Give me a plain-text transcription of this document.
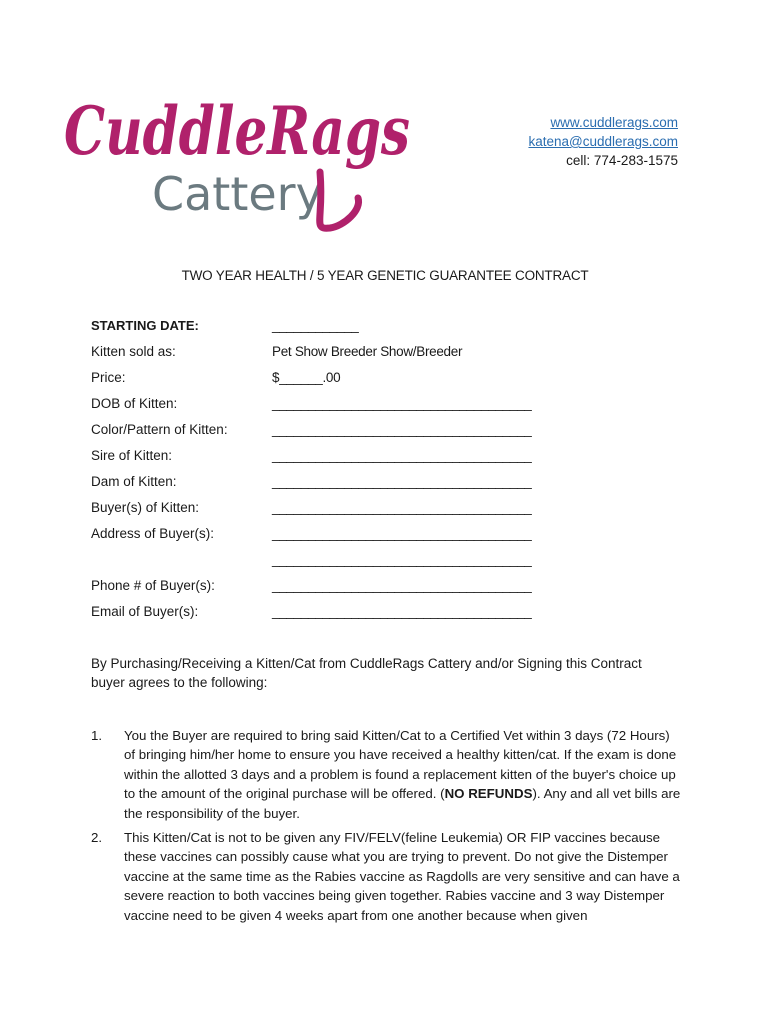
CuddleRags
Cattery
www.cuddlerags.com
katena@cuddlerags.com
cell: 774-283-1575
TWO YEAR HEALTH / 5 YEAR GENETIC GUARANTEE CONTRACT
STARTING DATE:	____________
Kitten sold as:	Pet Show Breeder Show/Breeder
Price:	$______.00
DOB of Kitten:	____________________________________
Color/Pattern of Kitten:	____________________________________
Sire of Kitten:	____________________________________
Dam of Kitten:	____________________________________
Buyer(s) of Kitten:	____________________________________
Address of Buyer(s):	____________________________________
____________________________________
Phone # of Buyer(s):	____________________________________
Email of Buyer(s):	____________________________________
By Purchasing/Receiving a Kitten/Cat from CuddleRags Cattery and/or Signing this Contract buyer agrees to the following:
1. You the Buyer are required to bring said Kitten/Cat to a Certified Vet within 3 days (72 Hours) of bringing him/her home to ensure you have received a healthy kitten/cat. If the exam is done within the allotted 3 days and a problem is found a replacement kitten of the buyer's choice up to the amount of the original purchase will be offered. (NO REFUNDS). Any and all vet bills are the responsibility of the buyer.
2. This Kitten/Cat is not to be given any FIV/FELV(feline Leukemia) OR FIP vaccines because these vaccines can possibly cause what you are trying to prevent. Do not give the Distemper vaccine at the same time as the Rabies vaccine as Ragdolls are very sensitive and can have a severe reaction to both vaccines being given together. Rabies vaccine and 3 way Distemper vaccine need to be given 4 weeks apart from one another because when given
